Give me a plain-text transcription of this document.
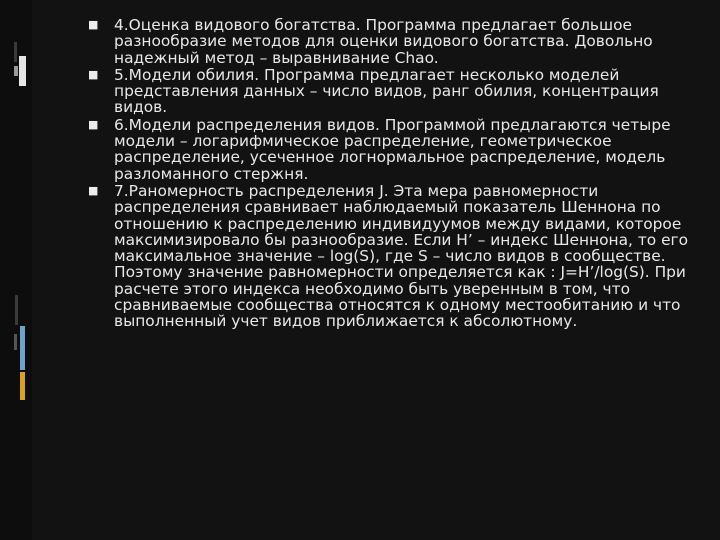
■ 4.Оценка видового богатства. Программа предлагает большое разнообразие методов для оценки видового богатства. Довольно надежный метод – выравнивание Chao.
■ 5.Модели обилия. Программа предлагает несколько моделей представления данных – число видов, ранг обилия, концентрация видов.
■ 6.Модели распределения видов. Программой предлагаются четыре модели – логарифмическое распределение, геометрическое распределение, усеченное логнормальное распределение, модель разломанного стержня.
■ 7.Раномерность распределения J. Эта мера равномерности распределения сравнивает наблюдаемый показатель Шеннона по отношению к распределению индивидуумов между видами, которое максимизировало бы разнообразие. Если H’ – индекс Шеннона, то его максимальное значение – log(S), где S – число видов в сообществе. Поэтому значение равномерности определяется как : J=H’/log(S). При расчете этого индекса необходимо быть уверенным в том, что сравниваемые сообщества относятся к одному местообитанию и что выполненный учет видов приближается к абсолютному.
